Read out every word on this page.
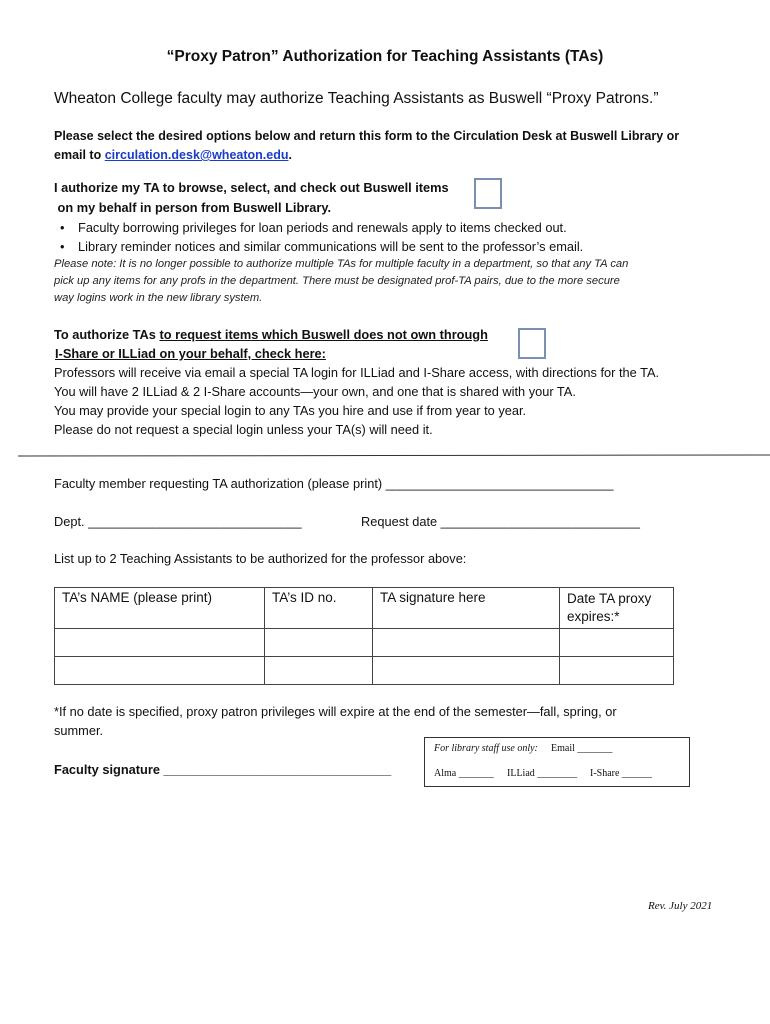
“Proxy Patron” Authorization for Teaching Assistants (TAs)
Wheaton College faculty may authorize Teaching Assistants as Buswell “Proxy Patrons.”
Please select the desired options below and return this form to the Circulation Desk at Buswell Library or
email to circulation.desk@wheaton.edu.
I authorize my TA to browse, select, and check out Buswell items
on my behalf in person from Buswell Library.
• Faculty borrowing privileges for loan periods and renewals apply to items checked out.
• Library reminder notices and similar communications will be sent to the professor’s email.
Please note: It is no longer possible to authorize multiple TAs for multiple faculty in a department, so that any TA can
pick up any items for any profs in the department. There must be designated prof-TA pairs, due to the more secure
way logins work in the new library system.
To authorize TAs to request items which Buswell does not own through
I-Share or ILLiad on your behalf, check here:
Professors will receive via email a special TA login for ILLiad and I-Share access, with directions for the TA.
You will have 2 ILLiad & 2 I-Share accounts—your own, and one that is shared with your TA.
You may provide your special login to any TAs you hire and use if from year to year.
Please do not request a special login unless your TA(s) will need it.
Faculty member requesting TA authorization (please print) ________________________________
Dept. ______________________________	Request date ____________________________
List up to 2 Teaching Assistants to be authorized for the professor above:
TA’s NAME (please print)	TA’s ID no.	TA signature here	Date TA proxy expires:*

*If no date is specified, proxy patron privileges will expire at the end of the semester—fall, spring, or
summer.
Faculty signature ________________________________
For library staff use only: Email _______
Alma _______ ILLiad ________ I-Share ______
Rev. July 2021
